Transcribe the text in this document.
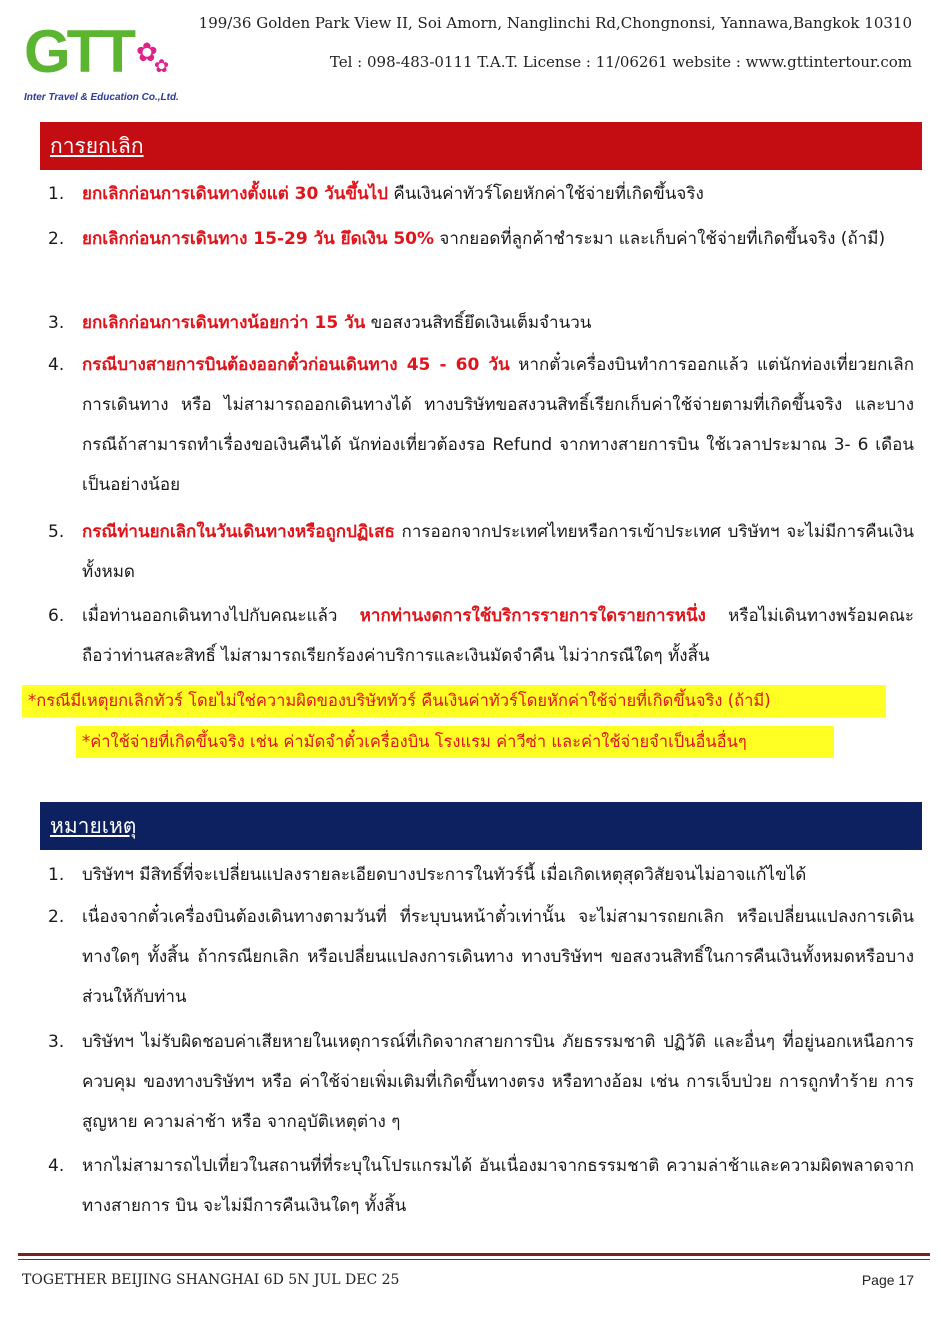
GTT ✿
✿
Inter Travel & Education Co.,Ltd.
199/36 Golden Park View II, Soi Amorn, Nanglinchi Rd,Chongnonsi, Yannawa,Bangkok 10310
Tel : 098-483-0111 T.A.T. License : 11/06261 website : www.gttintertour.com
การยกเลิก
1.	ยกเลิกก่อนการเดินทางตั้งแต่ 30 วันขึ้นไป คืนเงินค่าทัวร์โดยหักค่าใช้จ่ายที่เกิดขึ้นจริง
2.	ยกเลิกก่อนการเดินทาง 15-29 วัน ยึดเงิน 50% จากยอดที่ลูกค้าชำระมา และเก็บค่าใช้จ่ายที่เกิดขึ้นจริง (ถ้ามี)
3.	ยกเลิกก่อนการเดินทางน้อยกว่า 15 วัน ขอสงวนสิทธิ์ยึดเงินเต็มจำนวน
4.	กรณีบางสายการบินต้องออกตั๋วก่อนเดินทาง 45 - 60 วัน หากตั๋วเครื่องบินทำการออกแล้ว แต่นักท่องเที่ยวยกเลิกการเดินทาง หรือ ไม่สามารถออกเดินทางได้ ทางบริษัทขอสงวนสิทธิ์เรียกเก็บค่าใช้จ่ายตามที่เกิดขึ้นจริง และบางกรณีถ้าสามารถทำเรื่องขอเงินคืนได้ นักท่องเที่ยวต้องรอ Refund จากทางสายการบิน ใช้เวลาประมาณ 3- 6 เดือนเป็นอย่างน้อย
5.	กรณีท่านยกเลิกในวันเดินทางหรือถูกปฏิเสธ การออกจากประเทศไทยหรือการเข้าประเทศ บริษัทฯ จะไม่มีการคืนเงินทั้งหมด
6.	เมื่อท่านออกเดินทางไปกับคณะแล้ว หากท่านงดการใช้บริการรายการใดรายการหนึ่ง หรือไม่เดินทางพร้อมคณะถือว่าท่านสละสิทธิ์ ไม่สามารถเรียกร้องค่าบริการและเงินมัดจำคืน ไม่ว่ากรณีใดๆ ทั้งสิ้น
*กรณีมีเหตุยกเลิกทัวร์ โดยไม่ใช่ความผิดของบริษัททัวร์ คืนเงินค่าทัวร์โดยหักค่าใช้จ่ายที่เกิดขึ้นจริง (ถ้ามี)
*ค่าใช้จ่ายที่เกิดขึ้นจริง เช่น ค่ามัดจำตั๋วเครื่องบิน โรงแรม ค่าวีซ่า และค่าใช้จ่ายจำเป็นอื่นอื่นๆ
หมายเหตุ
1.	บริษัทฯ มีสิทธิ์ที่จะเปลี่ยนแปลงรายละเอียดบางประการในทัวร์นี้ เมื่อเกิดเหตุสุดวิสัยจนไม่อาจแก้ไขได้
2.	เนื่องจากตั๋วเครื่องบินต้องเดินทางตามวันที่ ที่ระบุบนหน้าตั๋วเท่านั้น จะไม่สามารถยกเลิก หรือเปลี่ยนแปลงการเดินทางใดๆ ทั้งสิ้น ถ้ากรณียกเลิก หรือเปลี่ยนแปลงการเดินทาง ทางบริษัทฯ ขอสงวนสิทธิ์ในการคืนเงินทั้งหมดหรือบางส่วนให้กับท่าน
3.	บริษัทฯ ไม่รับผิดชอบค่าเสียหายในเหตุการณ์ที่เกิดจากสายการบิน ภัยธรรมชาติ ปฏิวัติ และอื่นๆ ที่อยู่นอกเหนือการควบคุม ของทางบริษัทฯ หรือ ค่าใช้จ่ายเพิ่มเติมที่เกิดขึ้นทางตรง หรือทางอ้อม เช่น การเจ็บป่วย การถูกทำร้าย การสูญหาย ความล่าช้า หรือ จากอุบัติเหตุต่าง ๆ
4.	หากไม่สามารถไปเที่ยวในสถานที่ที่ระบุในโปรแกรมได้ อันเนื่องมาจากธรรมชาติ ความล่าช้าและความผิดพลาดจากทางสายการ บิน จะไม่มีการคืนเงินใดๆ ทั้งสิ้น
TOGETHER BEIJING SHANGHAI 6D 5N JUL DEC 25	Page 17
